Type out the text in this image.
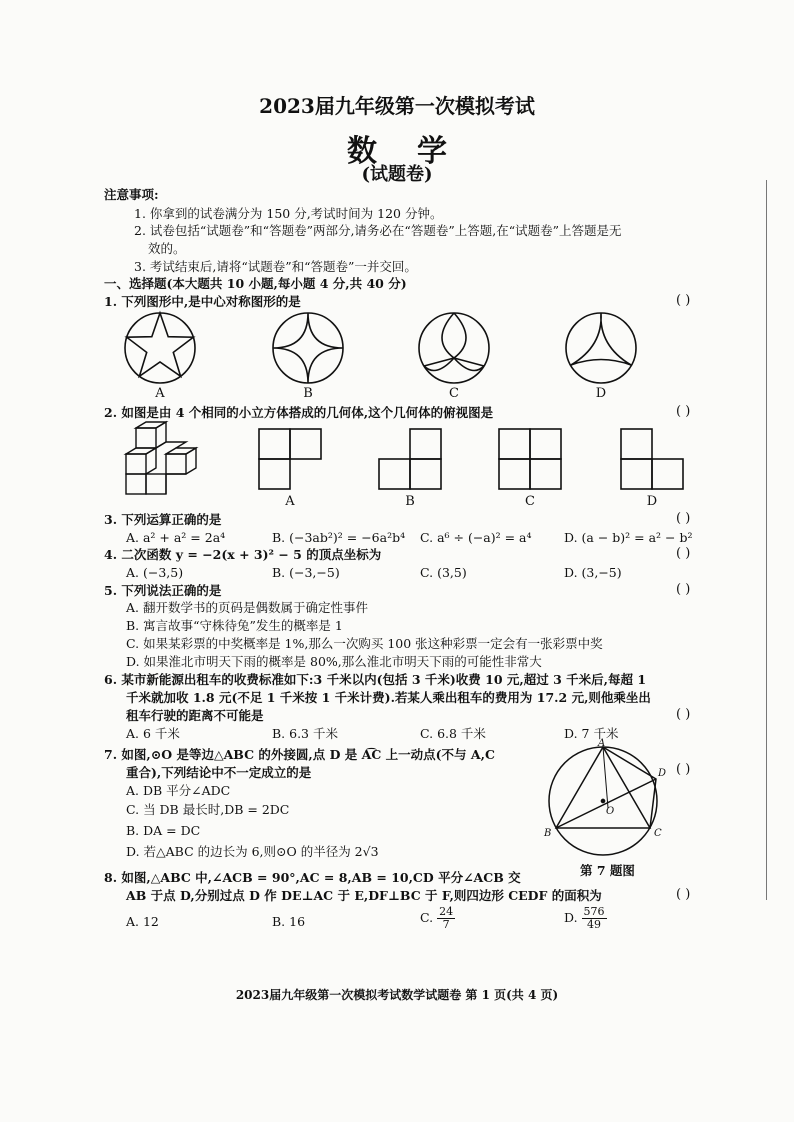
2023届九年级第一次模拟考试
数学
(试题卷)
注意事项:
1. 你拿到的试卷满分为 150 分,考试时间为 120 分钟。
2. 试卷包括“试题卷”和“答题卷”两部分,请务必在“答题卷”上答题,在“试题卷”上答题是无
效的。
3. 考试结束后,请将“试题卷”和“答题卷”一并交回。
一、选择题(本大题共 10 小题,每小题 4 分,共 40 分)
1. 下列图形中,是中心对称图形的是	( )
A	B	C	D
2. 如图是由 4 个相同的小立方体搭成的几何体,这个几何体的俯视图是	( )
A	B	C	D
3. 下列运算正确的是	( )
A. a² + a² = 2a⁴	B. (−3ab²)² = −6a²b⁴ C. a⁶ ÷ (−a)² = a⁴	D. (a − b)² = a² − b²
4. 二次函数 y = −2(x + 3)² − 5 的顶点坐标为	( )
A. (−3,5)	B. (−3,−5)	C. (3,5)	D. (3,−5)
5. 下列说法正确的是	( )
A. 翻开数学书的页码是偶数属于确定性事件
B. 寓言故事“守株待兔”发生的概率是 1
C. 如果某彩票的中奖概率是 1%,那么一次购买 100 张这种彩票一定会有一张彩票中奖
D. 如果淮北市明天下雨的概率是 80%,那么淮北市明天下雨的可能性非常大
6. 某市新能源出租车的收费标准如下:3 千米以内(包括 3 千米)收费 10 元,超过 3 千米后,每超 1
千米就加收 1.8 元(不足 1 千米按 1 千米计费).若某人乘出租车的费用为 17.2 元,则他乘坐出
租车行驶的距离不可能是	( )
A. 6 千米	B. 6.3 千米	C. 6.8 千米	D. 7 千米
7. 如图,⊙O 是等边△ABC 的外接圆,点 D 是 A͡C 上一动点(不与 A,C
重合),下列结论中不一定成立的是	( )
A. DB 平分∠ADC
C. 当 DB 最长时,DB = 2DC
B. DA = DC
D. 若△ABC 的边长为 6,则⊙O 的半径为 2√3
A
B	C
D
O
第 7 题图
8. 如图,△ABC 中,∠ACB = 90°,AC = 8,AB = 10,CD 平分∠ACB 交
AB 于点 D,分别过点 D 作 DE⊥AC 于 E,DF⊥BC 于 F,则四边形 CEDF 的面积为	( )
A. 12	B. 16	C. $\frac{24}{7}$	D. $\frac{576}{49}$
2023届九年级第一次模拟考试数学试题卷 第 1 页(共 4 页)
